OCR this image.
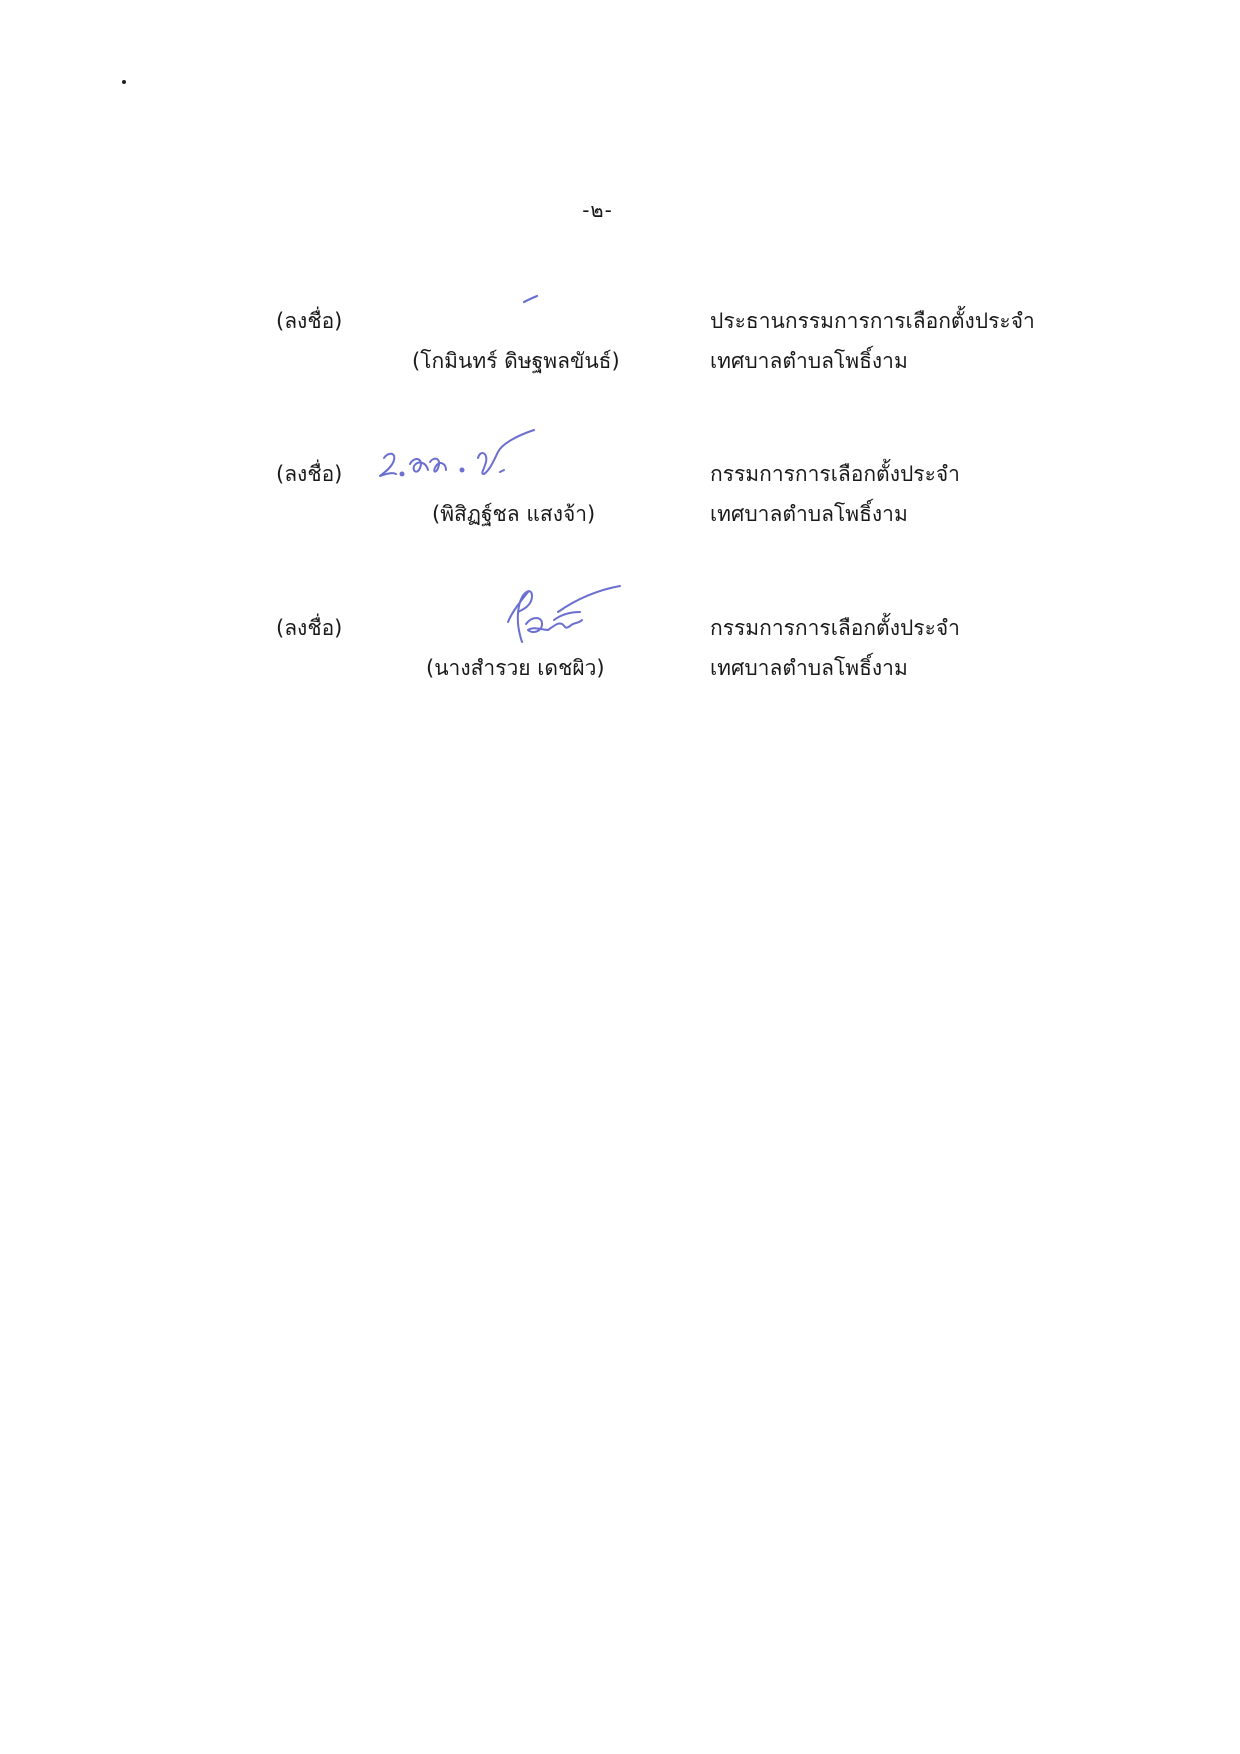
-๒-
(ลงชื่อ)
(โกมินทร์ ดิษฐพลขันธ์)
ประธานกรรมการการเลือกตั้งประจำ
เทศบาลตำบลโพธิ์งาม
(ลงชื่อ)
(พิสิฏฐ์ชล แสงจ้า)
กรรมการการเลือกตั้งประจำ
เทศบาลตำบลโพธิ์งาม
(ลงชื่อ)
(นางสำรวย เดชผิว)
กรรมการการเลือกตั้งประจำ
เทศบาลตำบลโพธิ์งาม
